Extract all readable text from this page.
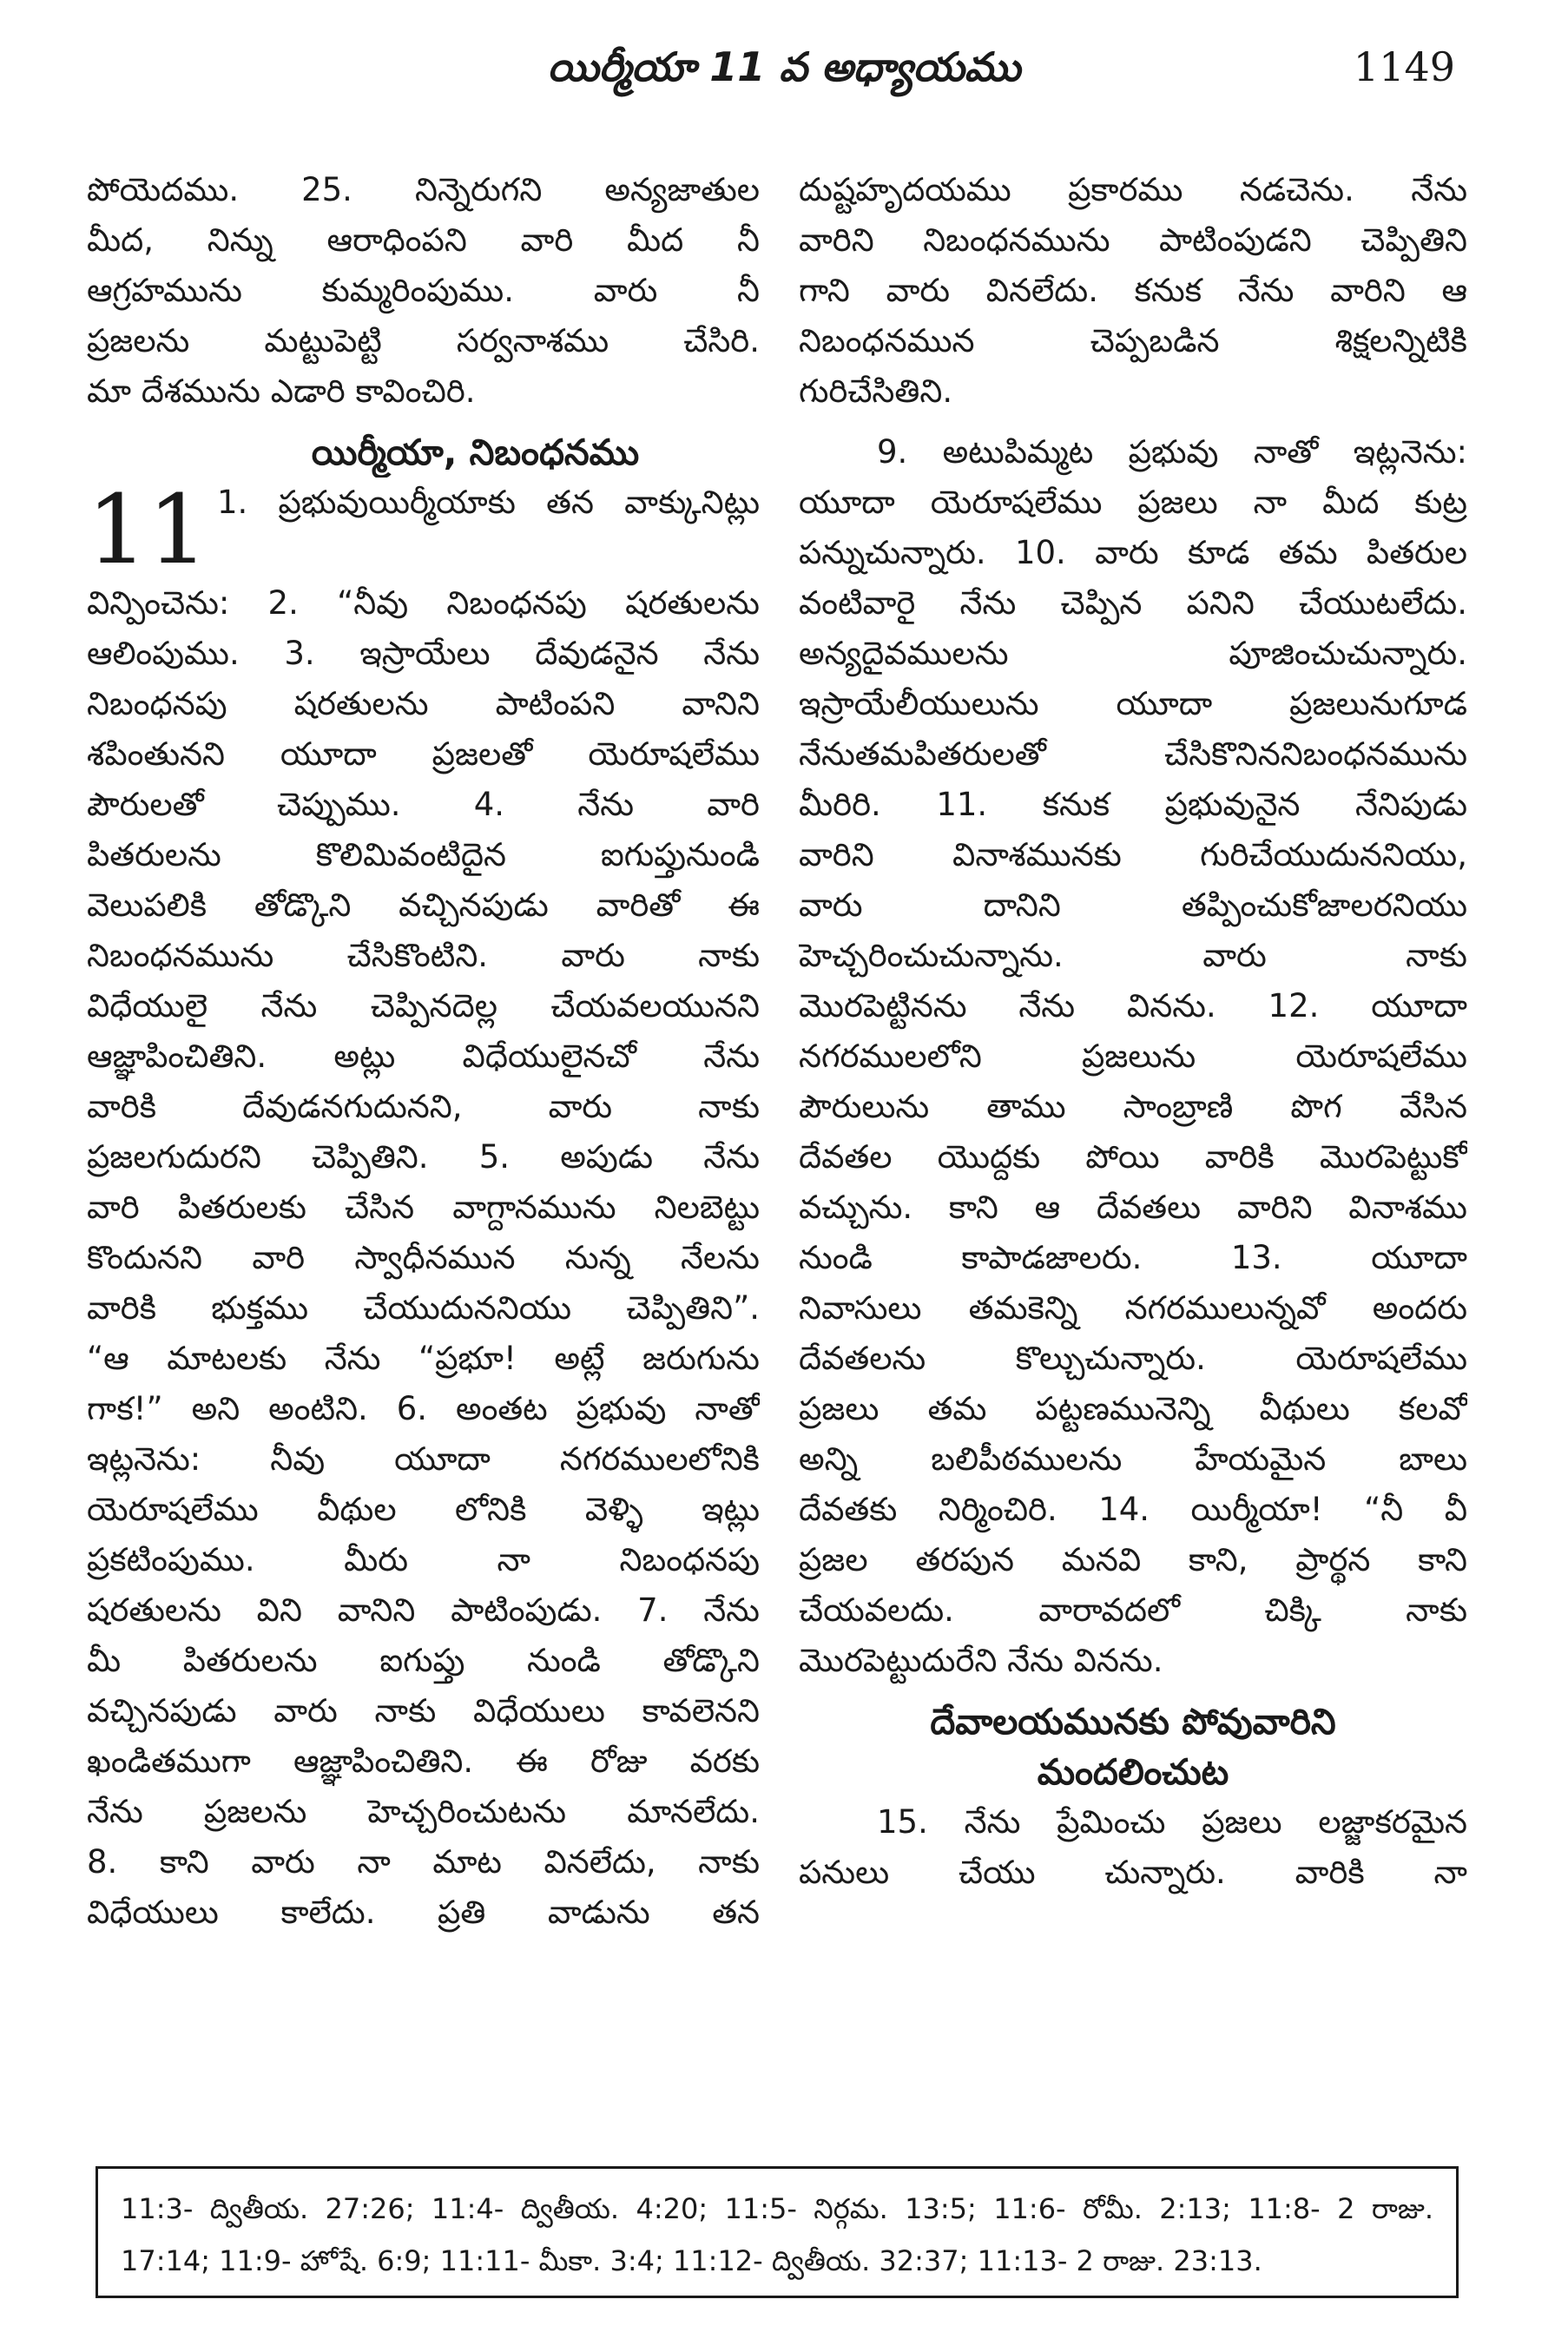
యిర్మీయా 11 వ అధ్యాయము	1149
పోయెదము. 25. నిన్నెరుగని అన్యజాతుల
మీద, నిన్ను ఆరాధింపని వారి మీద నీ
ఆగ్రహమును కుమ్మరింపుము. వారు నీ
ప్రజలను మట్టుపెట్టి సర్వనాశము చేసిరి.
మా దేశమును ఎడారి కావించిరి.
యిర్మీయా, నిబంధనము
11 1. ప్రభువుయిర్మీయాకు తన వాక్కునిట్లు
విన్పించెను: 2. “నీవు నిబంధనపు షరతులను
ఆలింపుము. 3. ఇస్రాయేలు దేవుడనైన నేను
నిబంధనపు షరతులను పాటింపని వానిని
శపింతునని యూదా ప్రజలతో యెరూషలేము
పౌరులతో చెప్పుము. 4. నేను వారి
పితరులను కొలిమివంటిదైన ఐగుప్తునుండి
వెలుపలికి తోడ్కొని వచ్చినపుడు వారితో ఈ
నిబంధనమును చేసికొంటిని. వారు నాకు
విధేయులై నేను చెప్పినదెల్ల చేయవలయునని
ఆజ్ఞాపించితిని. అట్లు విధేయులైనచో నేను
వారికి దేవుడనగుదునని, వారు నాకు
ప్రజలగుదురని చెప్పితిని. 5. అపుడు నేను
వారి పితరులకు చేసిన వాగ్దానమును నిలబెట్టు
కొందునని వారి స్వాధీనమున నున్న నేలను
వారికి భుక్తము చేయుదుననియు చెప్పితిని”.
“ఆ మాటలకు నేను “ప్రభూ! అట్లే జరుగును
గాక!” అని అంటిని. 6. అంతట ప్రభువు నాతో
ఇట్లనెను: నీవు యూదా నగరములలోనికి
యెరూషలేము వీథుల లోనికి వెళ్ళి ఇట్లు
ప్రకటింపుము. మీరు నా నిబంధనపు
షరతులను విని వానిని పాటింపుడు. 7. నేను
మీ పితరులను ఐగుప్తు నుండి తోడ్కొని
వచ్చినపుడు వారు నాకు విధేయులు కావలెనని
ఖండితముగా ఆజ్ఞాపించితిని. ఈ రోజు వరకు
నేను ప్రజలను హెచ్చరించుటను మానలేదు.
8. కాని వారు నా మాట వినలేదు, నాకు
విధేయులు కాలేదు. ప్రతి వాడును తన
దుష్టహృదయము ప్రకారము నడచెను. నేను
వారిని నిబంధనమును పాటింపుడని చెప్పితిని
గాని వారు వినలేదు. కనుక నేను వారిని ఆ
నిబంధనమున చెప్పబడిన శిక్షలన్నిటికి
గురిచేసితిని.
9. అటుపిమ్మట ప్రభువు నాతో ఇట్లనెను:
యూదా యెరూషలేము ప్రజలు నా మీద కుట్ర
పన్నుచున్నారు. 10. వారు కూడ తమ పితరుల
వంటివారై నేను చెప్పిన పనిని చేయుటలేదు.
అన్యదైవములను పూజించుచున్నారు.
ఇస్రాయేలీయులును యూదా ప్రజలునుగూడ
నేనుతమపితరులతో చేసికొనిననిబంధనమును
మీరిరి. 11. కనుక ప్రభువునైన నేనిపుడు
వారిని వినాశమునకు గురిచేయుదుననియు,
వారు దానిని తప్పించుకోజాలరనియు
హెచ్చరించుచున్నాను. వారు నాకు
మొరపెట్టినను నేను వినను. 12. యూదా
నగరములలోని ప్రజలును యెరూషలేము
పౌరులును తాము సాంబ్రాణి పొగ వేసిన
దేవతల యొద్దకు పోయి వారికి మొరపెట్టుకో
వచ్చును. కాని ఆ దేవతలు వారిని వినాశము
నుండి కాపాడజాలరు. 13. యూదా
నివాసులు తమకెన్ని నగరములున్నవో అందరు
దేవతలను కొల్చుచున్నారు. యెరూషలేము
ప్రజలు తమ పట్టణమునెన్ని వీథులు కలవో
అన్ని బలిపీఠములను హేయమైన బాలు
దేవతకు నిర్మించిరి. 14. యిర్మీయా! “నీ వీ
ప్రజల తరపున మనవి కాని, ప్రార్థన కాని
చేయవలదు. వారావదలో చిక్కి నాకు
మొరపెట్టుదురేని నేను వినను.
దేవాలయమునకు పోవువారిని
మందలించుట
15. నేను ప్రేమించు ప్రజలు లజ్జాకరమైన
పనులు చేయు చున్నారు. వారికి నా
11:3- ద్వితీయ. 27:26; 11:4- ద్వితీయ. 4:20; 11:5- నిర్గమ. 13:5; 11:6- రోమీ. 2:13; 11:8- 2 రాజు.
17:14; 11:9- హోషే. 6:9; 11:11- మీకా. 3:4; 11:12- ద్వితీయ. 32:37; 11:13- 2 రాజు. 23:13.
